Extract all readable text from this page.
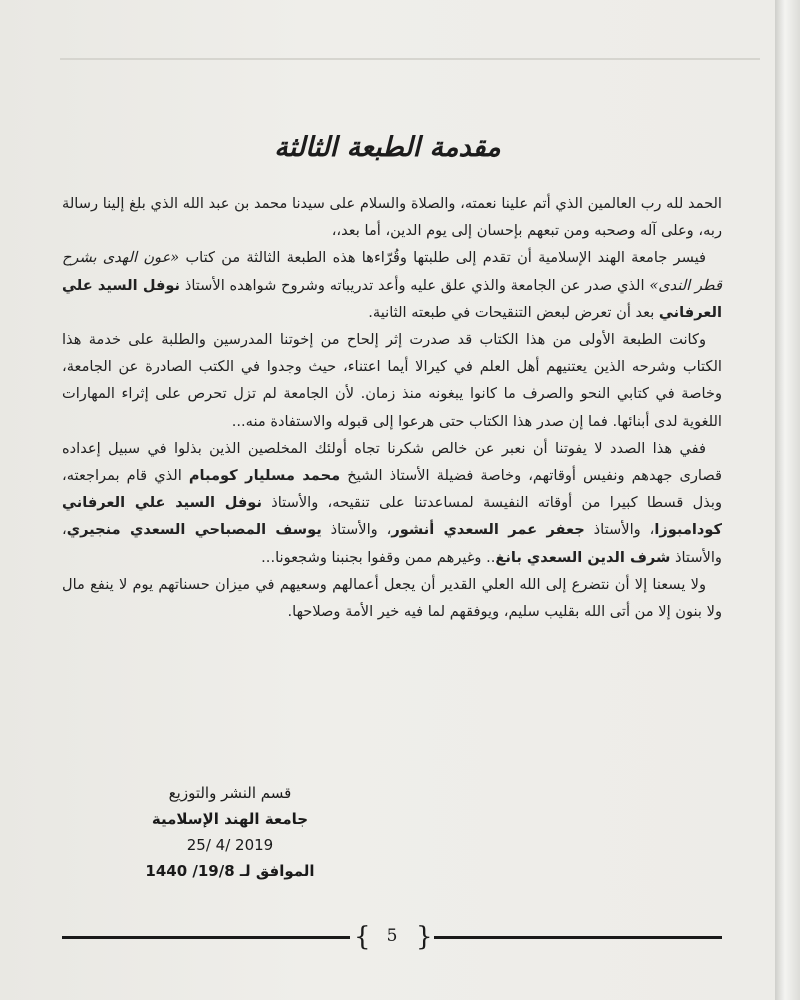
مقدمة الطبعة الثالثة

الحمد لله رب العالمين الذي أتم علينا نعمته، والصلاة والسلام على سيدنا محمد بن عبد الله الذي بلغ إلينا رسالة ربه، وعلى آله وصحبه ومن تبعهم بإحسان إلى يوم الدين، أما بعد،،

فيسر جامعة الهند الإسلامية أن تقدم إلى طلبتها وقُرّاءها هذه الطبعة الثالثة من كتاب «عون الهدى بشرح قطر الندى» الذي صدر عن الجامعة والذي علق عليه وأعد تدريباته وشروح شواهده الأستاذ نوفل السيد علي العرفاني بعد أن تعرض لبعض التنقيحات في طبعته الثانية.

وكانت الطبعة الأولى من هذا الكتاب قد صدرت إثر إلحاح من إخوتنا المدرسين والطلبة على خدمة هذا الكتاب وشرحه الذين يعتنيهم أهل العلم في كيرالا أيما اعتناء، حيث وجدوا في الكتب الصادرة عن الجامعة، وخاصة في كتابي النحو والصرف ما كانوا يبغونه منذ زمان. لأن الجامعة لم تزل تحرص على إثراء المهارات اللغوية لدى أبنائها. فما إن صدر هذا الكتاب حتى هرعوا إلى قبوله والاستفادة منه...

ففي هذا الصدد لا يفوتنا أن نعبر عن خالص شكرنا تجاه أولئك المخلصين الذين بذلوا في سبيل إعداده قصارى جهدهم ونفيس أوقاتهم، وخاصة فضيلة الأستاذ الشيخ محمد مسليار كومبام الذي قام بمراجعته، وبذل قسطا كبيرا من أوقاته النفيسة لمساعدتنا على تنقيحه، والأستاذ نوفل السيد علي العرفاني كودامبوزا، والأستاذ جعفر عمر السعدي أنشور، والأستاذ يوسف المصباحي السعدي منجيري، والأستاذ شرف الدين السعدي بانغ.. وغيرهم ممن وقفوا بجنبنا وشجعونا...

ولا يسعنا إلا أن نتضرع إلى الله العلي القدير أن يجعل أعمالهم وسعيهم في ميزان حسناتهم يوم لا ينفع مال ولا بنون إلا من أتى الله بقليب سليم، ويوفقهم لما فيه خير الأمة وصلاحها.

قسم النشر والتوزيع
جامعة الهند الإسلامية
25/ 4/ 2019
الموافق لـ 19/8/ 1440
{ 5 }
